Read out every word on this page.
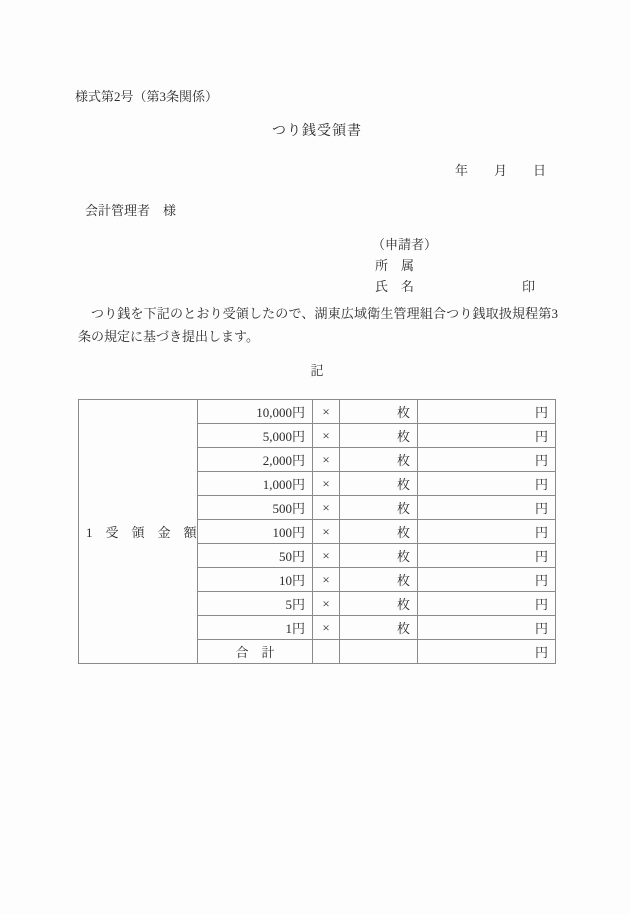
様式第2号（第3条関係）
つり銭受領書
年　　月　　日
会計管理者　様
（申請者）
所　属
氏　名	印
つり銭を下記のとおり受領したので、湖東広域衛生管理組合つり銭取扱規程第3条の規定に基づき提出します。
記
1　受　領　金　額	10,000円	×	枚	円
	5,000円	×	枚	円
	2,000円	×	枚	円
	1,000円	×	枚	円
	500円	×	枚	円
	100円	×	枚	円
	50円	×	枚	円
	10円	×	枚	円
	5円	×	枚	円
	1円	×	枚	円
	合　計			円
